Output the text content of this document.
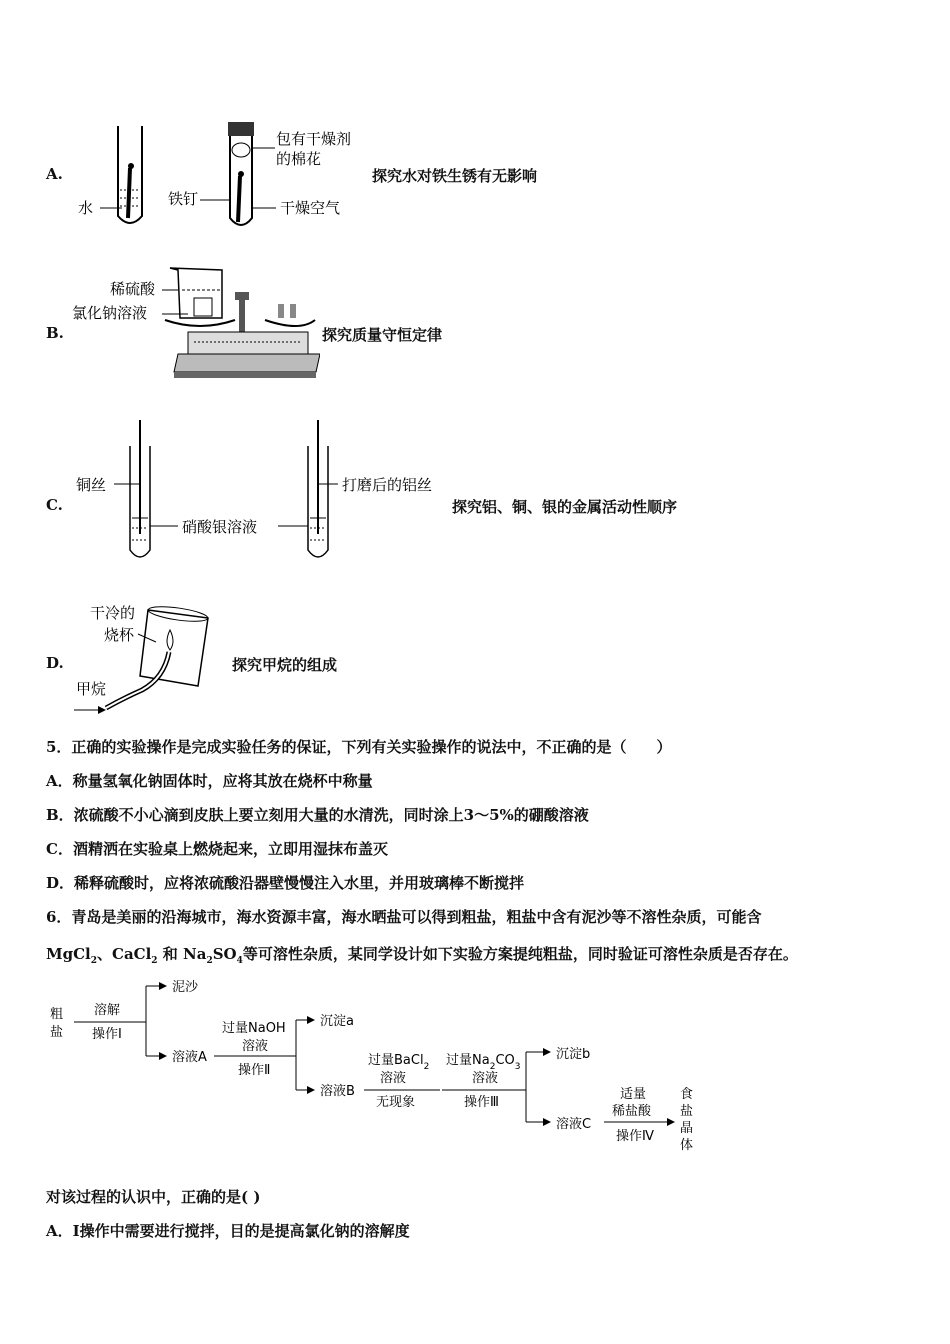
A.
水
包有干燥剂
的棉花
铁钉	干燥空气
探究水对铁生锈有无影响
B.
稀硫酸
氯化钠溶液
探究质量守恒定律
C.
铜丝	打磨后的铝丝
硝酸银溶液
探究铝、铜、银的金属活动性顺序
D.
干冷的
烧杯
甲烷
探究甲烷的组成
5．正确的实验操作是完成实验任务的保证，下列有关实验操作的说法中，不正确的是（　　）
A．称量氢氧化钠固体时，应将其放在烧杯中称量
B．浓硫酸不小心滴到皮肤上要立刻用大量的水清洗，同时涂上3～5%的硼酸溶液
C．酒精洒在实验桌上燃烧起来，立即用湿抹布盖灭
D．稀释硫酸时，应将浓硫酸沿器壁慢慢注入水里，并用玻璃棒不断搅拌
6．青岛是美丽的沿海城市，海水资源丰富，海水晒盐可以得到粗盐，粗盐中含有泥沙等不溶性杂质，可能含
MgCl$_2$、CaCl$_2$ 和 $Na_2SO_4$等可溶性杂质，某同学设计如下实验方案提纯粗盐，同时验证可溶性杂质是否存在。
粗
盐
溶解
操作Ⅰ
泥沙
溶液A
过量NaOH
溶液
操作Ⅱ
沉淀a
溶液B
过量BaCl$_2$
溶液
无现象
过量$Na_2CO_3$
溶液
操作Ⅲ
沉淀b
溶液C
适量
稀盐酸
操作Ⅳ
食
盐
晶
体
对该过程的认识中，正确的是( )
A．Ⅰ操作中需要进行搅拌，目的是提高氯化钠的溶解度
